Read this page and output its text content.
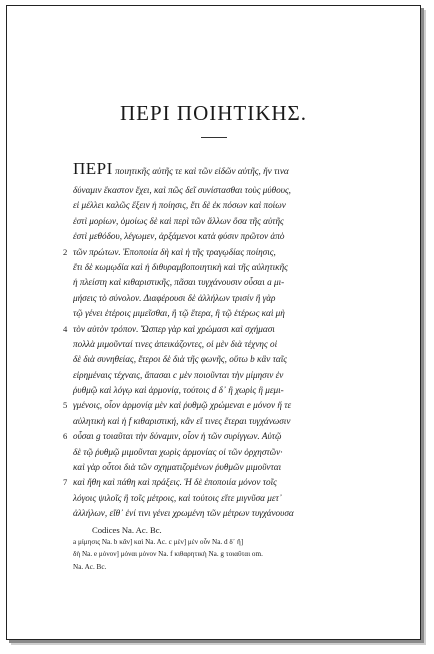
ΠΕΡΙ ΠΟΙΗΤΙΚΗΣ.
ΠΕΡΙ ποιητικῆς αὐτῆς τε καὶ τῶν εἰδῶν αὐτῆς, ἥν τινα
δύναμιν ἕκαστον ἔχει, καὶ πῶς δεῖ συνίστασθαι τοὺς μύθους,
εἰ μέλλει καλῶς ἕξειν ἡ ποίησις, ἔτι δὲ ἐκ πόσων καὶ ποίων
ἐστὶ μορίων, ὁμοίως δὲ καὶ περὶ τῶν ἄλλων ὅσα τῆς αὐτῆς
ἐστὶ μεθόδου, λέγωμεν, ἀρξάμενοι κατὰ φύσιν πρῶτον ἀπὸ
2 τῶν πρώτων. Ἐποποιία δὴ καὶ ἡ τῆς τραγῳδίας ποίησις,
ἔτι δὲ κωμῳδία καὶ ἡ διθυραμβοποιητικὴ καὶ τῆς αὐλητικῆς
ἡ πλείστη καὶ κιθαριστικῆς, πᾶσαι τυγχάνουσιν οὖσαι a μι-
μήσεις τὸ σύνολον. Διαφέρουσι δὲ ἀλλήλων τρισίν ἢ γὰρ
τῷ γένει ἑτέροις μιμεῖσθαι, ἢ τῷ ἕτερα, ἢ τῷ ἑτέρως καὶ μὴ
4 τὸν αὐτὸν τρόπον. Ὥσπερ γὰρ καὶ χρώμασι καὶ σχήμασι
πολλὰ μιμοῦνταί τινες ἀπεικάζοντες, οἱ μὲν διὰ τέχνης οἱ
δὲ διὰ συνηθείας, ἕτεροι δὲ διὰ τῆς φωνῆς, οὕτω b κἂν ταῖς
εἰρημέναις τέχναις, ἅπασαι c μὲν ποιοῦνται τὴν μίμησιν ἐν
ῥυθμῷ καὶ λόγῳ καὶ ἁρμονίᾳ, τούτοις d δ᾽ ἢ χωρὶς ἢ μεμι-
5 γμένοις, οἷον ἁρμονίᾳ μὲν καὶ ῥυθμῷ χρώμεναι e μόνον ἥ τε
αὐλητικὴ καὶ ἡ f κιθαριστική, κἂν εἴ τινες ἕτεραι τυγχάνωσιν
6 οὖσαι g τοιαῦται τὴν δύναμιν, οἷον ἡ τῶν συρίγγων. Αὐτῷ
δὲ τῷ ῥυθμῷ μιμοῦνται χωρὶς ἁρμονίας οἱ τῶν ὀρχηστῶν·
καὶ γὰρ οὗτοι διὰ τῶν σχηματιζομένων ῥυθμῶν μιμοῦνται
7 καὶ ἤθη καὶ πάθη καὶ πράξεις. Ἡ δὲ ἐποποιία μόνον τοῖς
λόγοις ψιλοῖς ἢ τοῖς μέτροις, καὶ τούτοις εἴτε μιγνῦσα μετ᾽
ἀλλήλων, εἴθ᾽ ἑνί τινι γένει χρωμένη τῶν μέτρων τυγχάνουσα
Codices Na. Ac. Bc.
a μίμησις Na. b κἂν] καὶ Na. Ac. c μὲν] μὲν οὖν Na. d δ᾽ ἢ]
δὴ Na. e μόνον] μόναι μόνον Na. f κιθαρητικὴ Na. g τοιαῦται om.
Na. Ac. Bc.
